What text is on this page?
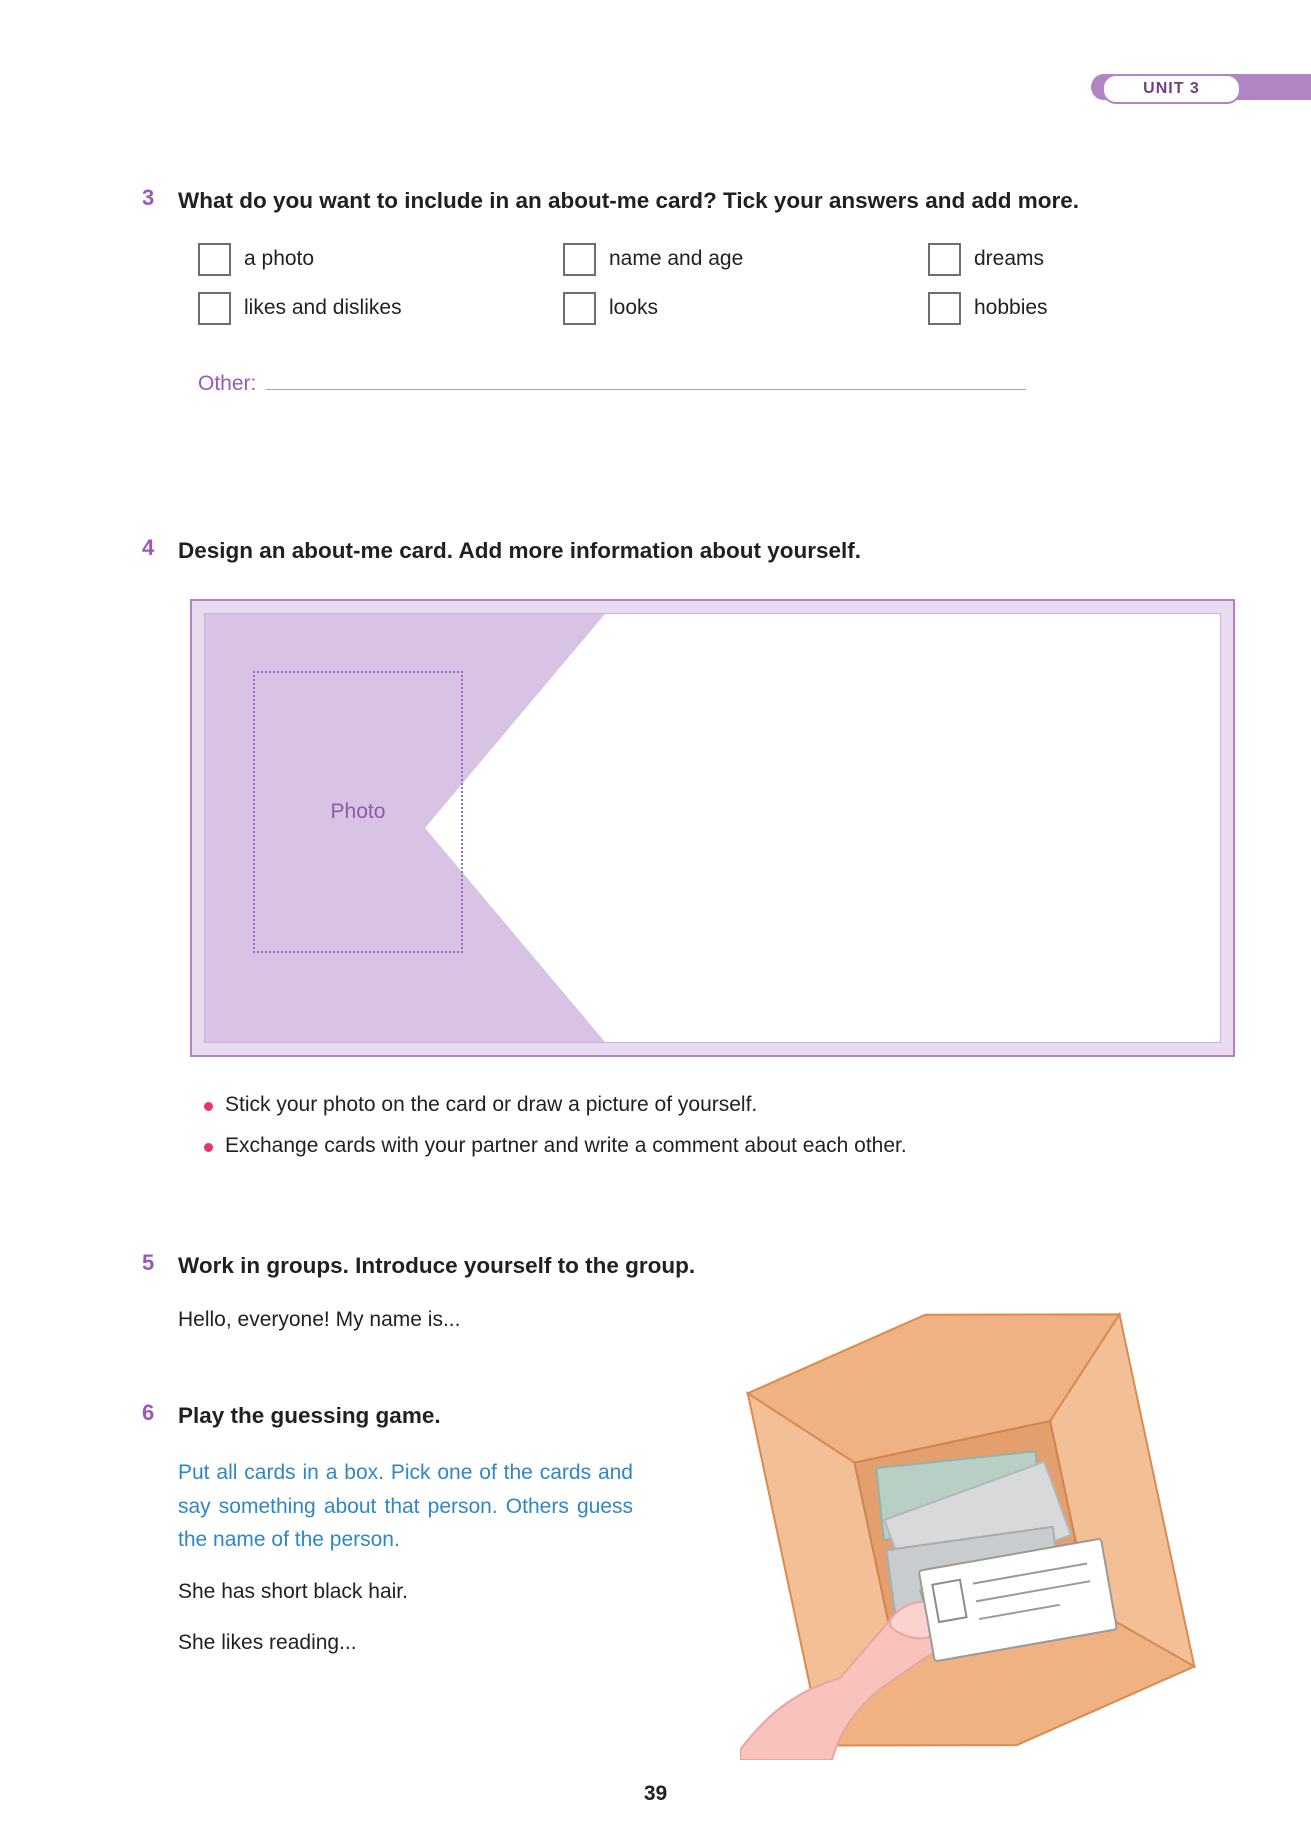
UNIT 3
3	What do you want to include in an about-me card? Tick your answers and add more.
a photo	name and age	dreams
likes and dislikes	looks	hobbies
Other:
4	Design an about-me card. Add more information about yourself.
Photo
Stick your photo on the card or draw a picture of yourself.
Exchange cards with your partner and write a comment about each other.
5	Work in groups. Introduce yourself to the group.
Hello, everyone! My name is...
6	Play the guessing game.
Put all cards in a box. Pick one of the cards and say something about that person. Others guess the name of the person.
She has short black hair.
She likes reading...
39
